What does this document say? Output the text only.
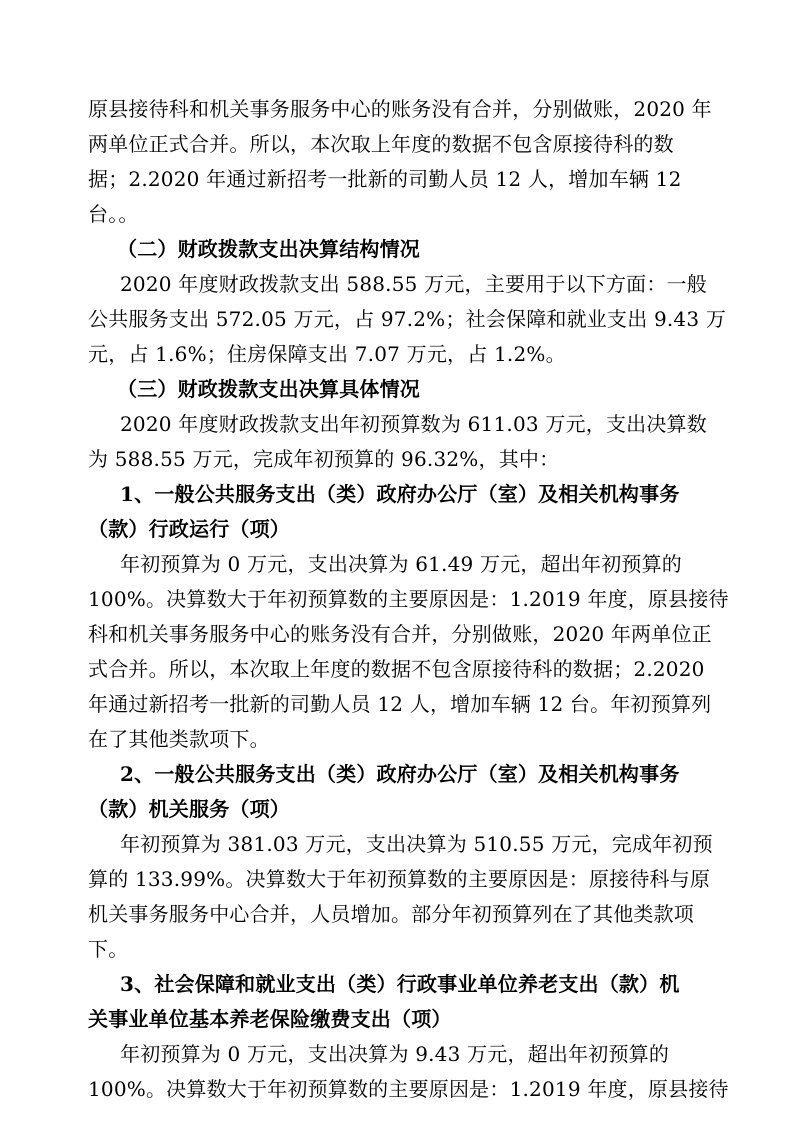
原县接待科和机关事务服务中心的账务没有合并，分别做账，2020 年
两单位正式合并。所以，本次取上年度的数据不包含原接待科的数
据；2.2020 年通过新招考一批新的司勤人员 12 人，增加车辆 12
台。。
（二）财政拨款支出决算结构情况
2020 年度财政拨款支出 588.55 万元，主要用于以下方面：一般
公共服务支出 572.05 万元，占 97.2%；社会保障和就业支出 9.43 万
元，占 1.6%；住房保障支出 7.07 万元，占 1.2%。
（三）财政拨款支出决算具体情况
2020 年度财政拨款支出年初预算数为 611.03 万元，支出决算数
为 588.55 万元，完成年初预算的 96.32%，其中：
1、一般公共服务支出（类）政府办公厅（室）及相关机构事务
（款）行政运行（项）
年初预算为 0 万元，支出决算为 61.49 万元，超出年初预算的
100%。决算数大于年初预算数的主要原因是：1.2019 年度，原县接待
科和机关事务服务中心的账务没有合并，分别做账，2020 年两单位正
式合并。所以，本次取上年度的数据不包含原接待科的数据；2.2020
年通过新招考一批新的司勤人员 12 人，增加车辆 12 台。年初预算列
在了其他类款项下。
2、一般公共服务支出（类）政府办公厅（室）及相关机构事务
（款）机关服务（项）
年初预算为 381.03 万元，支出决算为 510.55 万元，完成年初预
算的 133.99%。决算数大于年初预算数的主要原因是：原接待科与原
机关事务服务中心合并，人员增加。部分年初预算列在了其他类款项
下。
3、社会保障和就业支出（类）行政事业单位养老支出（款）机
关事业单位基本养老保险缴费支出（项）
年初预算为 0 万元，支出决算为 9.43 万元，超出年初预算的
100%。决算数大于年初预算数的主要原因是：1.2019 年度，原县接待
